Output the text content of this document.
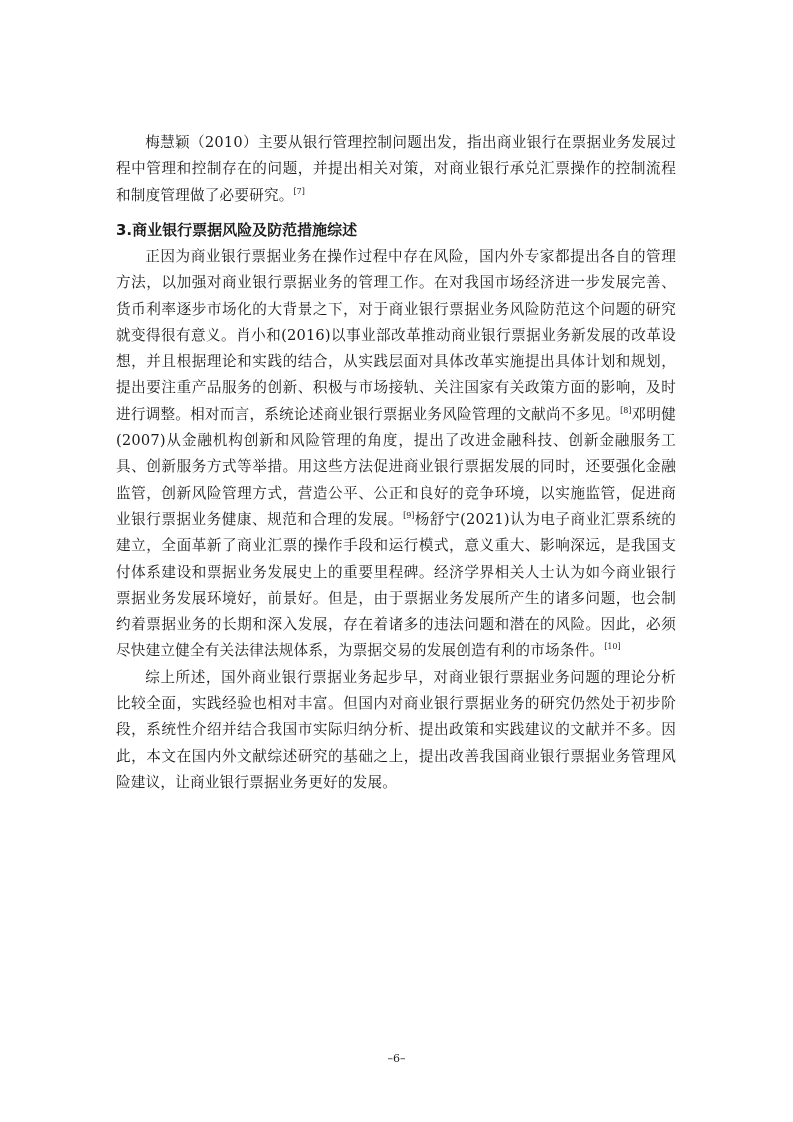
梅慧颖（2010）主要从银行管理控制问题出发，指出商业银行在票据业务发展过程中管理和控制存在的问题，并提出相关对策，对商业银行承兑汇票操作的控制流程和制度管理做了必要研究。[7]

3.商业银行票据风险及防范措施综述

正因为商业银行票据业务在操作过程中存在风险，国内外专家都提出各自的管理方法，以加强对商业银行票据业务的管理工作。在对我国市场经济进一步发展完善、货币利率逐步市场化的大背景之下，对于商业银行票据业务风险防范这个问题的研究就变得很有意义。肖小和(2016)以事业部改革推动商业银行票据业务新发展的改革设想，并且根据理论和实践的结合，从实践层面对具体改革实施提出具体计划和规划，提出要注重产品服务的创新、积极与市场接轨、关注国家有关政策方面的影响，及时进行调整。相对而言，系统论述商业银行票据业务风险管理的文献尚不多见。[8]邓明健(2007)从金融机构创新和风险管理的角度，提出了改进金融科技、创新金融服务工具、创新服务方式等举措。用这些方法促进商业银行票据发展的同时，还要强化金融监管，创新风险管理方式，营造公平、公正和良好的竞争环境，以实施监管，促进商业银行票据业务健康、规范和合理的发展。[9]杨舒宁(2021)认为电子商业汇票系统的建立，全面革新了商业汇票的操作手段和运行模式，意义重大、影响深远，是我国支付体系建设和票据业务发展史上的重要里程碑。经济学界相关人士认为如今商业银行票据业务发展环境好，前景好。但是，由于票据业务发展所产生的诸多问题，也会制约着票据业务的长期和深入发展，存在着诸多的违法问题和潜在的风险。因此，必须尽快建立健全有关法律法规体系，为票据交易的发展创造有利的市场条件。[10]

综上所述，国外商业银行票据业务起步早，对商业银行票据业务问题的理论分析比较全面，实践经验也相对丰富。但国内对商业银行票据业务的研究仍然处于初步阶段，系统性介绍并结合我国市实际归纳分析、提出政策和实践建议的文献并不多。因此，本文在国内外文献综述研究的基础之上，提出改善我国商业银行票据业务管理风险建议，让商业银行票据业务更好的发展。

–6–
